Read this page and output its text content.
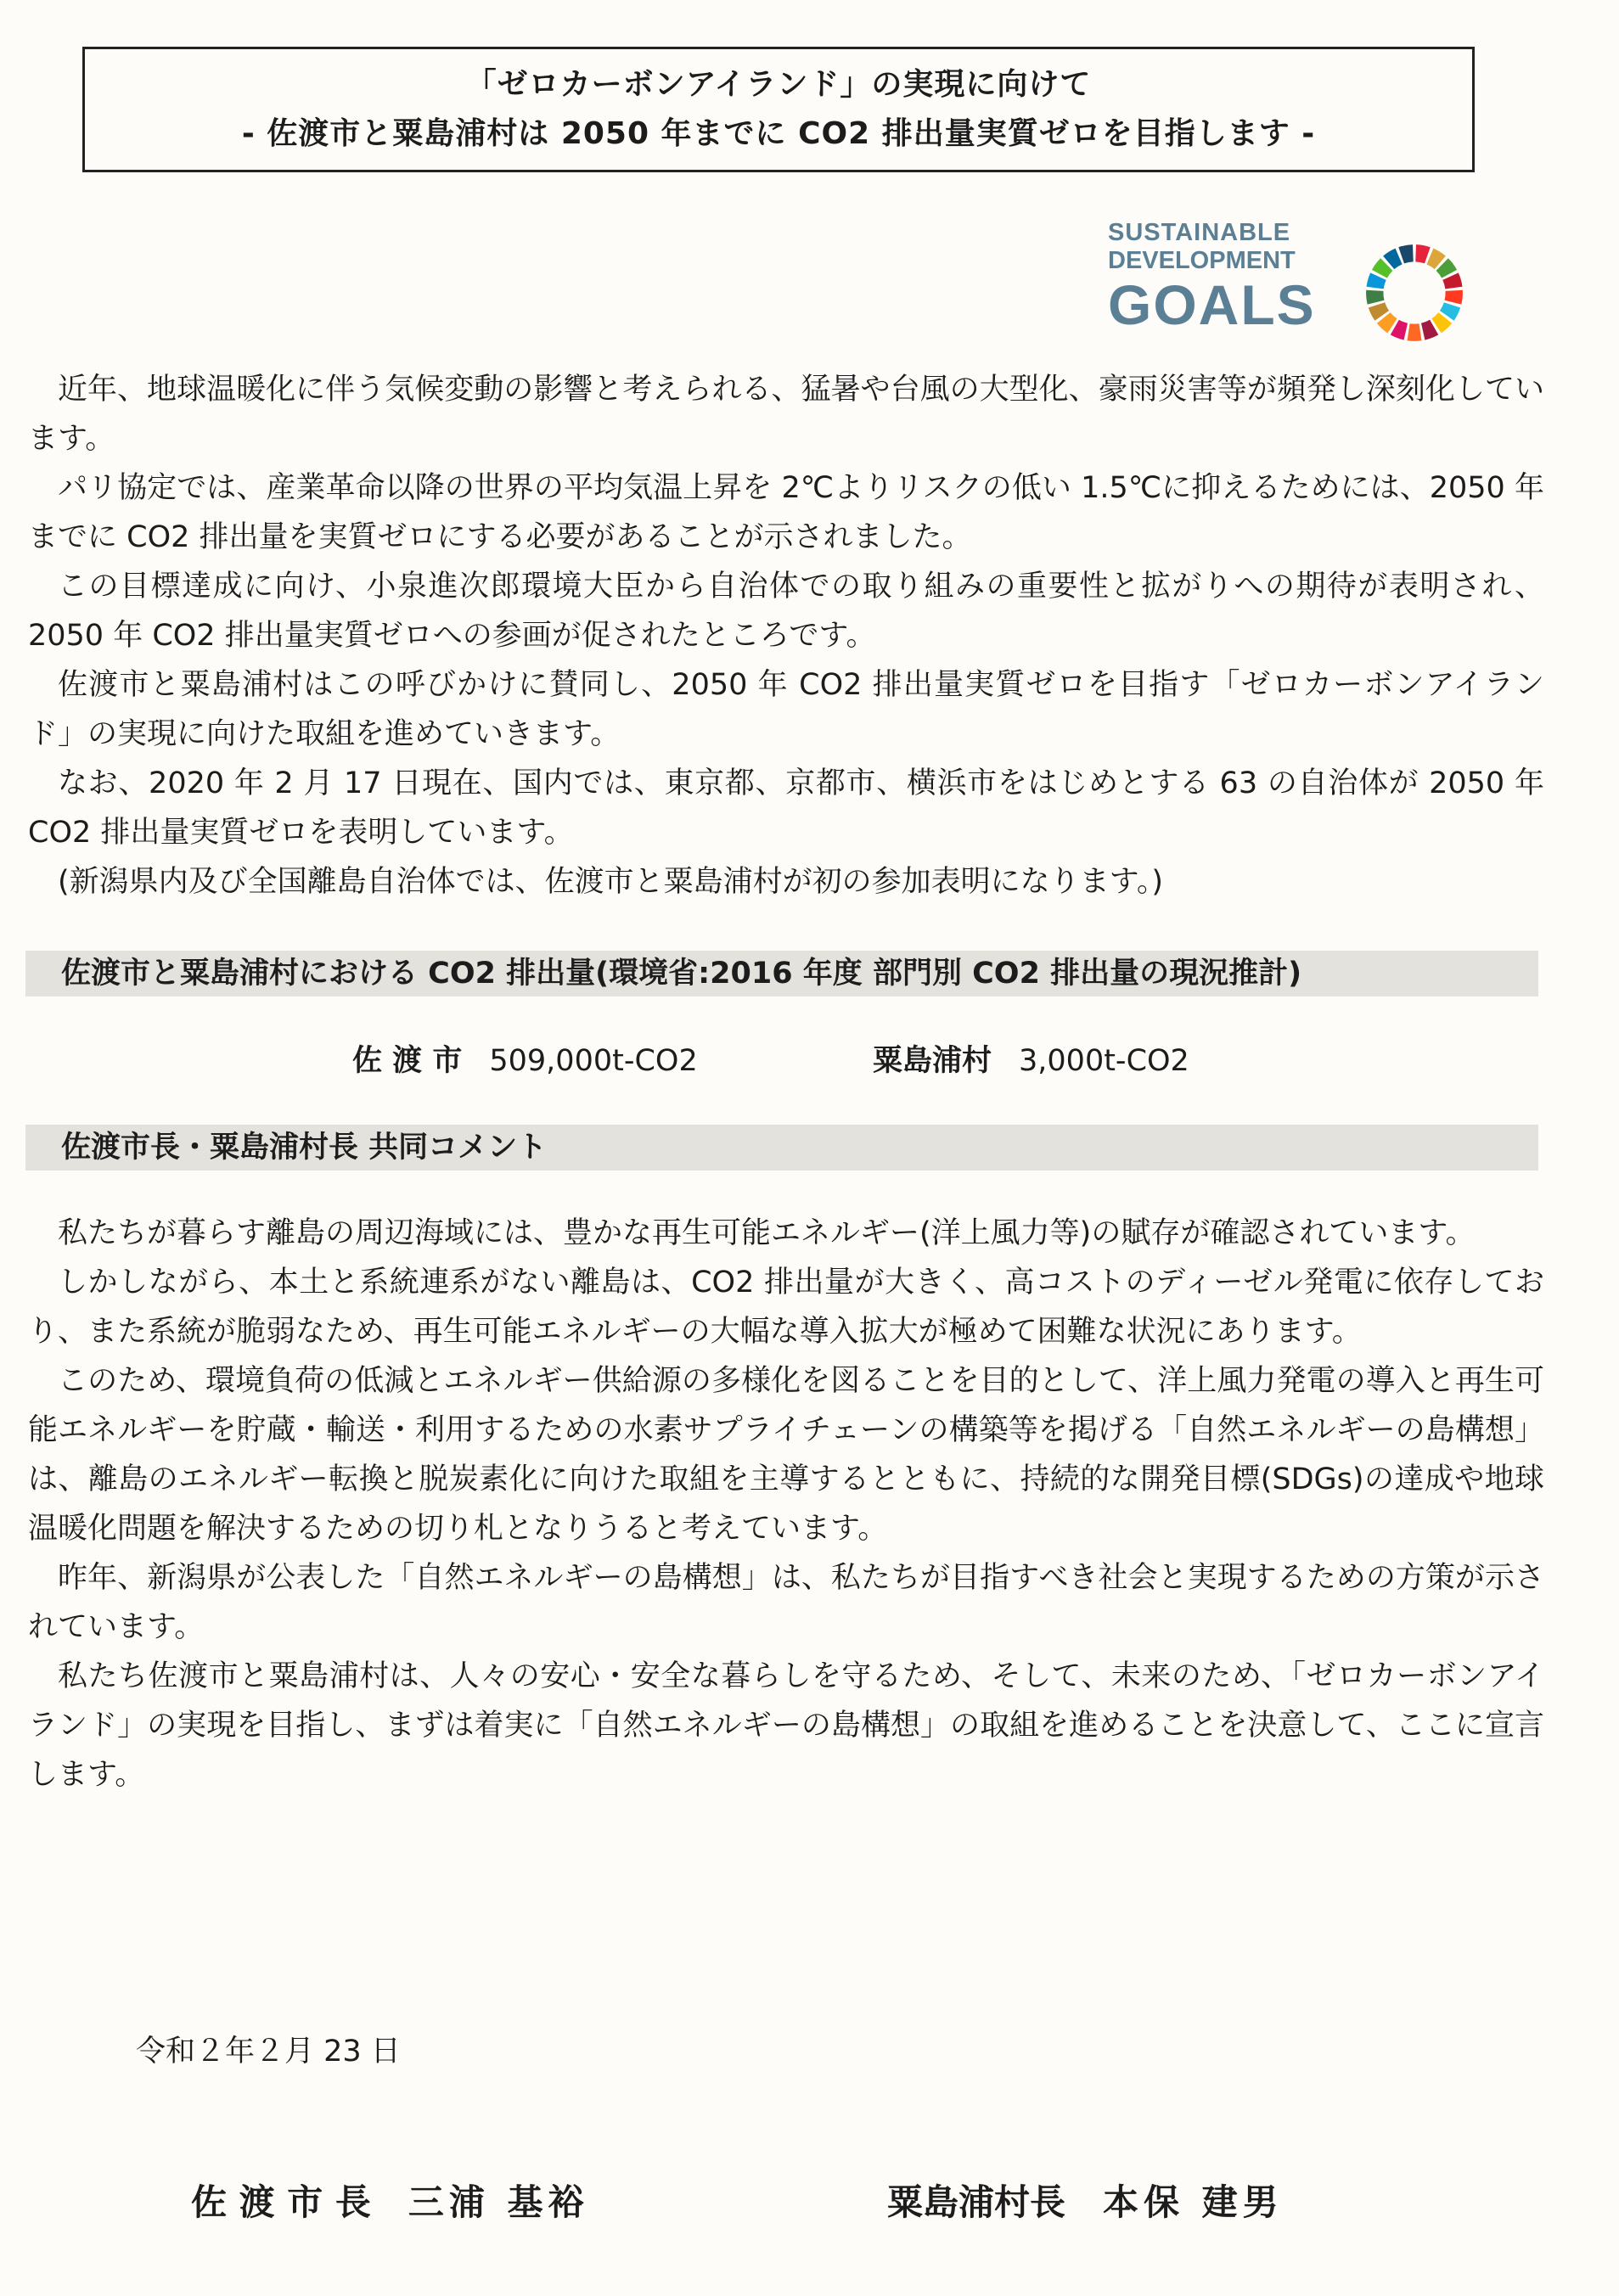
「ゼロカーボンアイランド」の実現に向けて
- 佐渡市と粟島浦村は 2050 年までに CO2 排出量実質ゼロを目指します -
SUSTAINABLE
DEVELOPMENT
GOALS

近年、地球温暖化に伴う気候変動の影響と考えられる、猛暑や台風の大型化、豪雨災害等が頻発し深刻化しています。

パリ協定では、産業革命以降の世界の平均気温上昇を 2℃よりリスクの低い 1.5℃に抑えるためには、2050 年までに CO2 排出量を実質ゼロにする必要があることが示されました。

この目標達成に向け、小泉進次郎環境大臣から自治体での取り組みの重要性と拡がりへの期待が表明され、2050 年 CO2 排出量実質ゼロへの参画が促されたところです。

佐渡市と粟島浦村はこの呼びかけに賛同し、2050 年 CO2 排出量実質ゼロを目指す「ゼロカーボンアイランド」の実現に向けた取組を進めていきます。

なお、2020 年 2 月 17 日現在、国内では、東京都、京都市、横浜市をはじめとする 63 の自治体が 2050 年 CO2 排出量実質ゼロを表明しています。

(新潟県内及び全国離島自治体では、佐渡市と粟島浦村が初の参加表明になります。)

佐渡市と粟島浦村における CO2 排出量(環境省:2016 年度 部門別 CO2 排出量の現況推計)
佐 渡 市 509,000t-CO2	粟島浦村 3,000t-CO2
佐渡市長・粟島浦村長 共同コメント

私たちが暮らす離島の周辺海域には、豊かな再生可能エネルギー(洋上風力等)の賦存が確認されています。

しかしながら、本土と系統連系がない離島は、CO2 排出量が大きく、高コストのディーゼル発電に依存しており、また系統が脆弱なため、再生可能エネルギーの大幅な導入拡大が極めて困難な状況にあります。

このため、環境負荷の低減とエネルギー供給源の多様化を図ることを目的として、洋上風力発電の導入と再生可能エネルギーを貯蔵・輸送・利用するための水素サプライチェーンの構築等を掲げる「自然エネルギーの島構想」は、離島のエネルギー転換と脱炭素化に向けた取組を主導するとともに、持続的な開発目標(SDGs)の達成や地球温暖化問題を解決するための切り札となりうると考えています。

昨年、新潟県が公表した「自然エネルギーの島構想」は、私たちが目指すべき社会と実現するための方策が示されています。

私たち佐渡市と粟島浦村は、人々の安心・安全な暮らしを守るため、そして、未来のため、「ゼロカーボンアイランド」の実現を目指し、まずは着実に「自然エネルギーの島構想」の取組を進めることを決意して、ここに宣言します。

令和２年２月 23 日
佐 渡 市 長 三浦 基裕	粟島浦村長 本保 建男
